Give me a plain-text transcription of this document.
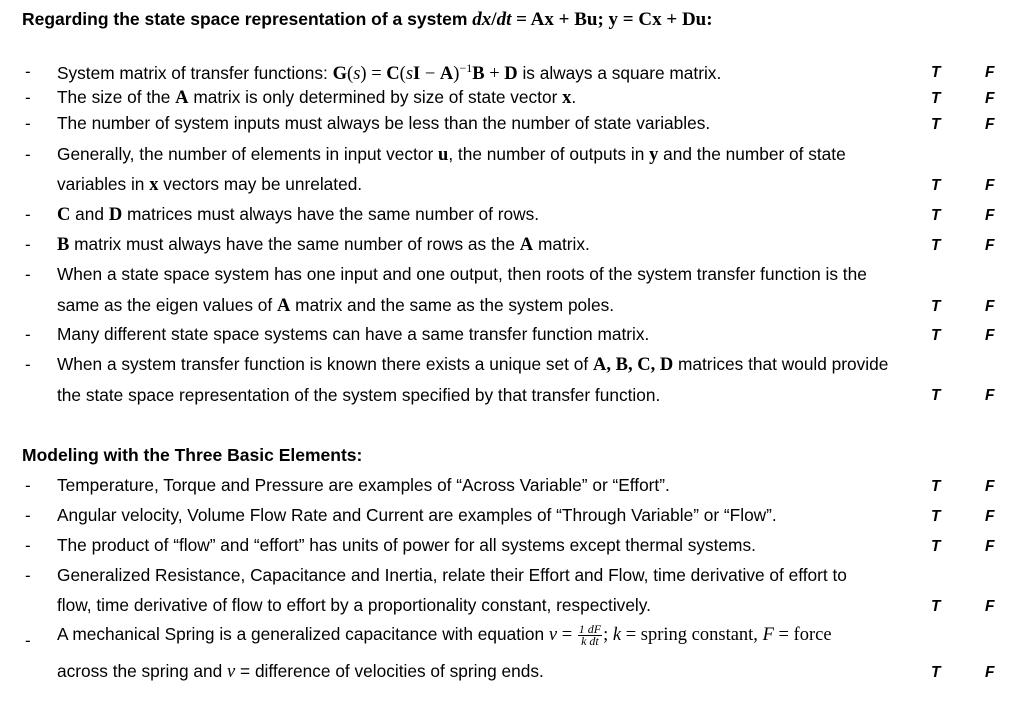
Regarding the state space representation of a system dx/dt = Ax + Bu; y = Cx + Du:
- System matrix of transfer functions: G(s) = C(sI − A)$^{-1}$B + D is always a square matrix.	T	F
- The size of the A matrix is only determined by size of state vector x.	T	F
- The number of system inputs must always be less than the number of state variables.	T	F
- Generally, the number of elements in input vector u, the number of outputs in y and the number of state
variables in x vectors may be unrelated.	T	F
- C and D matrices must always have the same number of rows.	T	F
- B matrix must always have the same number of rows as the A matrix.	T	F
- When a state space system has one input and one output, then roots of the system transfer function is the
same as the eigen values of A matrix and the same as the system poles.	T	F
- Many different state space systems can have a same transfer function matrix.	T	F
- When a system transfer function is known there exists a unique set of A, B, C, D matrices that would provide
the state space representation of the system specified by that transfer function.	T	F
Modeling with the Three Basic Elements:
- Temperature, Torque and Pressure are examples of “Across Variable” or “Effort”.	T	F
- Angular velocity, Volume Flow Rate and Current are examples of “Through Variable” or “Flow”.	T	F
- The product of “flow” and “effort” has units of power for all systems except thermal systems.	T	F
- Generalized Resistance, Capacitance and Inertia, relate their Effort and Flow, time derivative of effort to
flow, time derivative of flow to effort by a proportionality constant, respectively.	T	F
- A mechanical Spring is a generalized capacitance with equation $v = \frac{1 dF}{\text{k dt}}$ ; k = spring constant, F = force
across the spring and v = difference of velocities of spring ends.	T	F
